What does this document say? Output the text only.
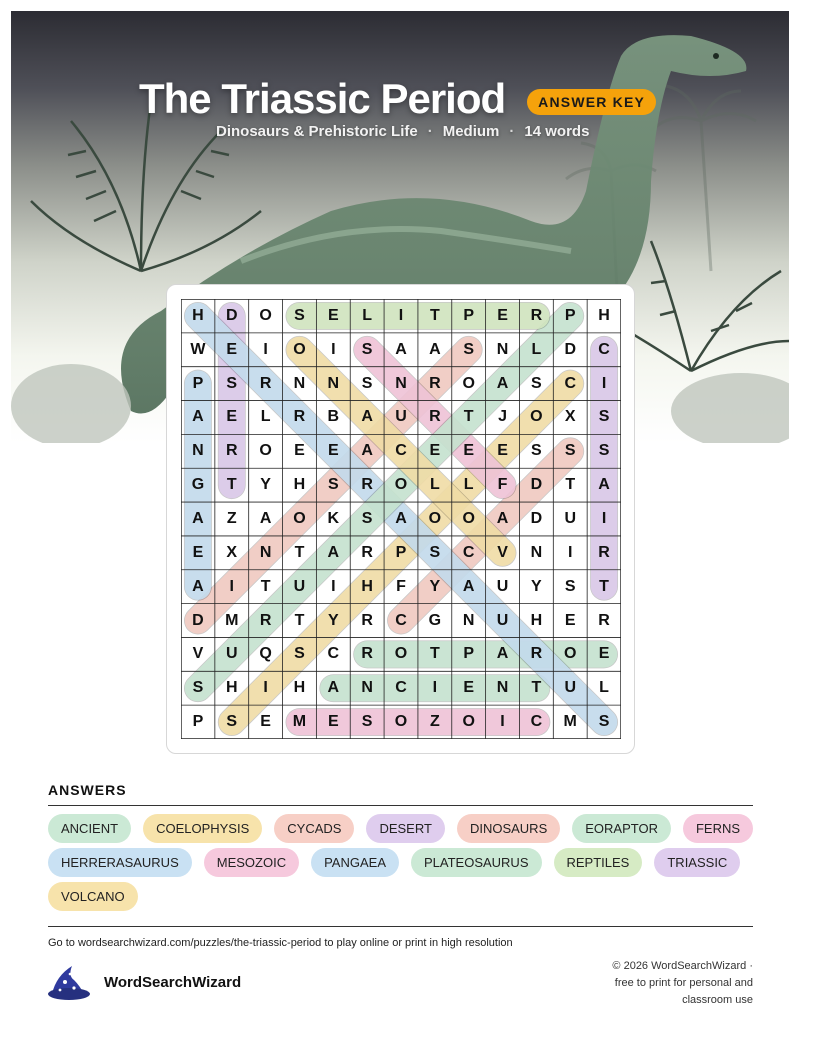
The Triassic Period	ANSWER KEY
Dinosaurs & Prehistoric Life · Medium · 14 words
H	D	O	S	E	L	I	T	P	E	R	P	H
W	E	I	O	I	S	A	A	S	N	L	D	C
P	S	R	N	N	S	N	R	O	A	S	C	I
A	E	L	R	B	A	U	R	T	J	O	X	S
N	R	O	E	E	A	C	E	E	E	S	S	S
G	T	Y	H	S	R	O	L	L	F	D	T	A
A	Z	A	O	K	S	A	O	O	A	D	U	I
E	X	N	T	A	R	P	S	C	V	N	I	R
A	I	T	U	I	H	F	Y	A	U	Y	S	T
D	M	R	T	Y	R	C	G	N	U	H	E	R
V	U	Q	S	C	R	O	T	P	A	R	O	E
S	H	I	H	A	N	C	I	E	N	T	U	L
P	S	E	M	E	S	O	Z	O	I	C	M	S
ANSWERS
ANCIENT	COELOPHYSIS	CYCADS	DESERT	DINOSAURS	EORAPTOR	FERNS
HERRERASAURUS	MESOZOIC	PANGAEA	PLATEOSAURUS	REPTILES	TRIASSIC
VOLCANO
Go to wordsearchwizard.com/puzzles/the-triassic-period to play online or print in high resolution
WordSearchWizard
© 2026 WordSearchWizard · free to print for personal and classroom use
